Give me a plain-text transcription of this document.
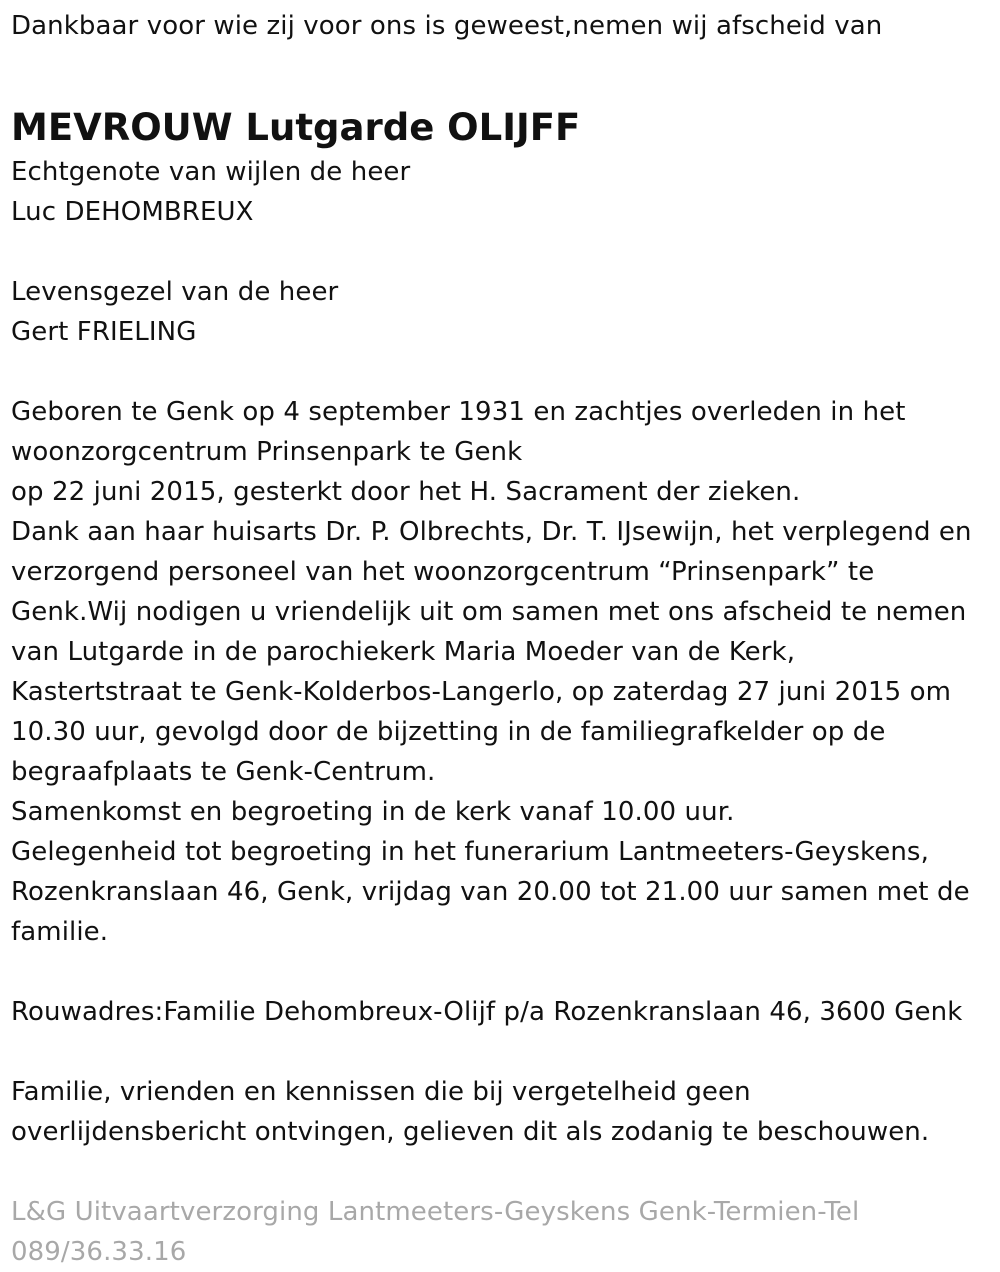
Dankbaar voor wie zij voor ons is geweest,nemen wij afscheid van

MEVROUW Lutgarde OLIJFF

Echtgenote van wijlen de heer

Luc DEHOMBREUX

Levensgezel van de heer

Gert FRIELING

Geboren te Genk op 4 september 1931 en zachtjes overleden in het

woonzorgcentrum Prinsenpark te Genk

op 22 juni 2015, gesterkt door het H. Sacrament der zieken.

Dank aan haar huisarts Dr. P. Olbrechts, Dr. T. IJsewijn, het verplegend en

verzorgend personeel van het woonzorgcentrum “Prinsenpark” te

Genk.Wij nodigen u vriendelijk uit om samen met ons afscheid te nemen

van Lutgarde in de parochiekerk Maria Moeder van de Kerk,

Kastertstraat te Genk-Kolderbos-Langerlo, op zaterdag 27 juni 2015 om

10.30 uur, gevolgd door de bijzetting in de familiegrafkelder op de

begraafplaats te Genk-Centrum.

Samenkomst en begroeting in de kerk vanaf 10.00 uur.

Gelegenheid tot begroeting in het funerarium Lantmeeters-Geyskens,

Rozenkranslaan 46, Genk, vrijdag van 20.00 tot 21.00 uur samen met de

familie.

Rouwadres:Familie Dehombreux-Olijf p/a Rozenkranslaan 46, 3600 Genk

Familie, vrienden en kennissen die bij vergetelheid geen

overlijdensbericht ontvingen, gelieven dit als zodanig te beschouwen.

L&G Uitvaartverzorging Lantmeeters-Geyskens Genk-Termien-Tel

089/36.33.16
